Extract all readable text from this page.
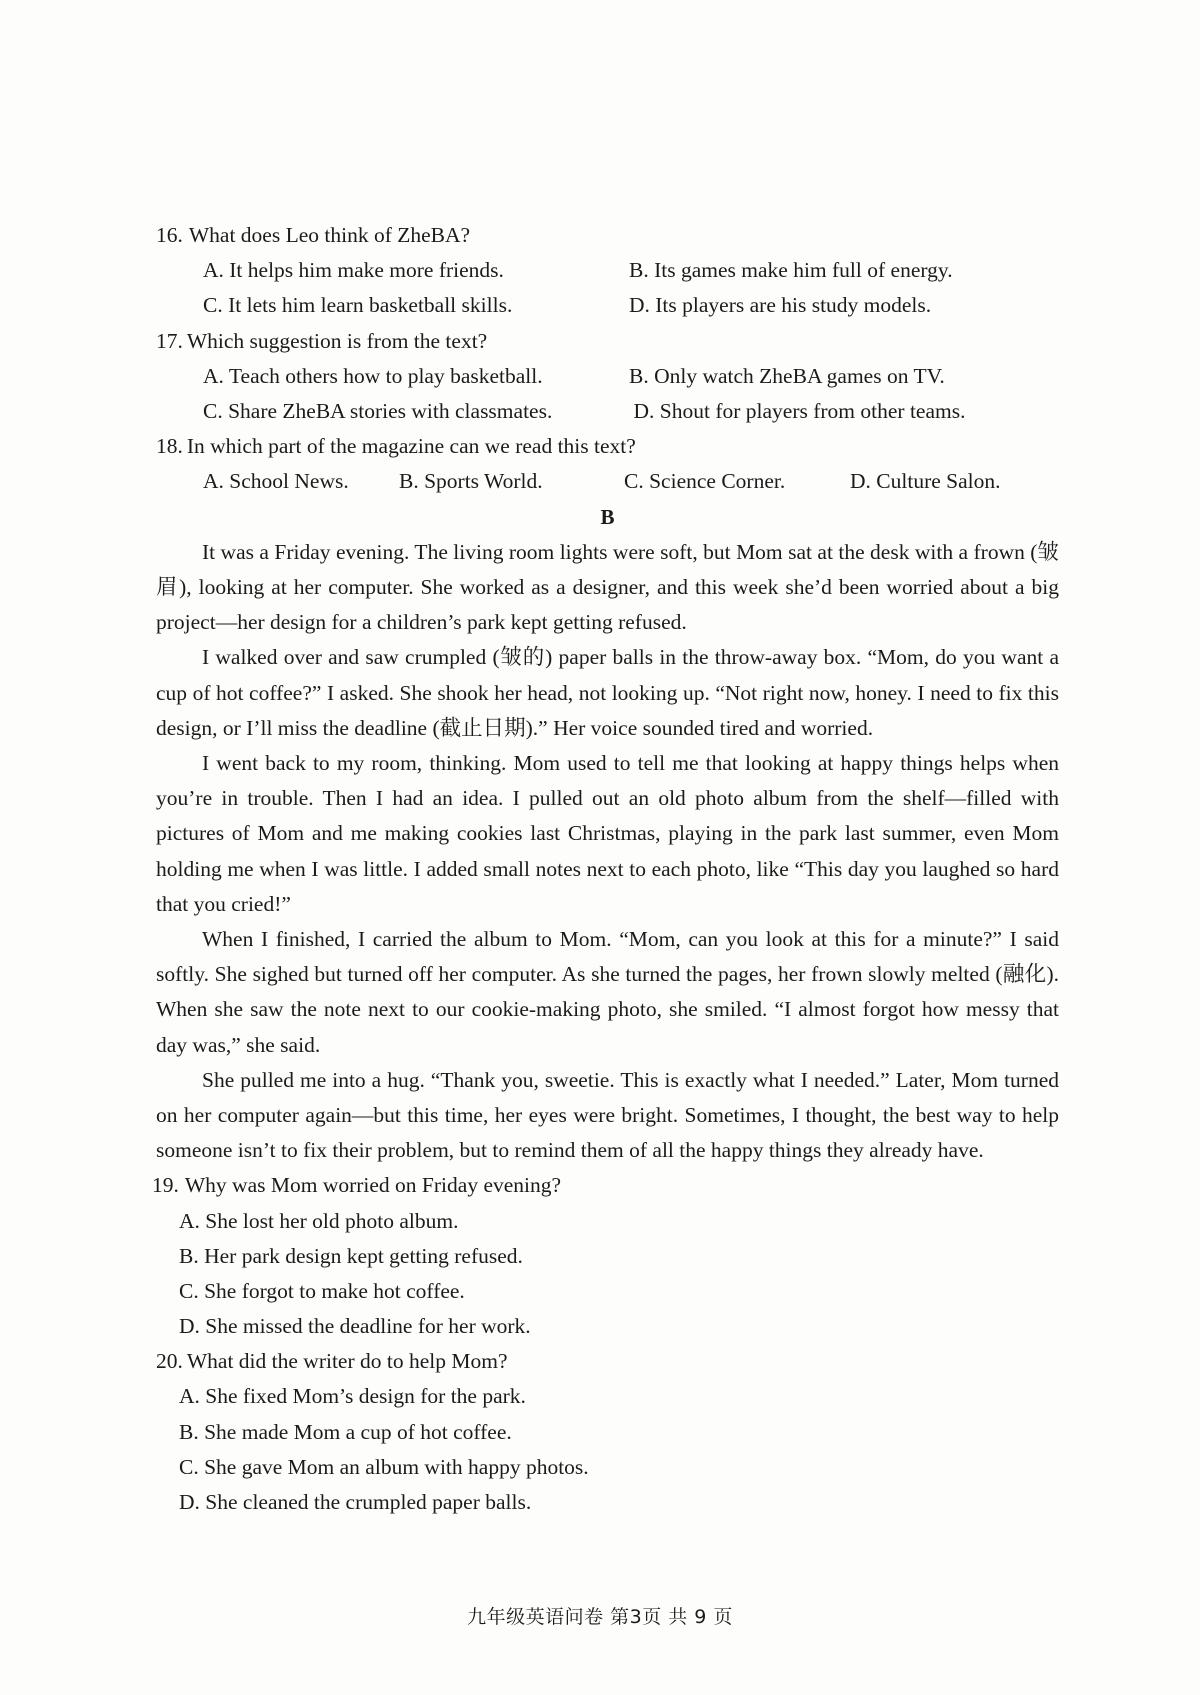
16. What does Leo think of ZheBA?
A. It helps him make more friends.	B. Its games make him full of energy.
C. It lets him learn basketball skills.	D. Its players are his study models.
17. Which suggestion is from the text?
A. Teach others how to play basketball.	B. Only watch ZheBA games on TV.
C. Share ZheBA stories with classmates.	D. Shout for players from other teams.
18. In which part of the magazine can we read this text?
A. School News.	B. Sports World.	C. Science Corner.	D. Culture Salon.
B

It was a Friday evening. The living room lights were soft, but Mom sat at the desk with a frown (皱眉), looking at her computer. She worked as a designer, and this week she’d been worried about a big project—her design for a children’s park kept getting refused.

I walked over and saw crumpled (皱的) paper balls in the throw-away box. “Mom, do you want a cup of hot coffee?” I asked. She shook her head, not looking up. “Not right now, honey. I need to fix this design, or I’ll miss the deadline (截止日期).” Her voice sounded tired and worried.

I went back to my room, thinking. Mom used to tell me that looking at happy things helps when you’re in trouble. Then I had an idea. I pulled out an old photo album from the shelf—filled with pictures of Mom and me making cookies last Christmas, playing in the park last summer, even Mom holding me when I was little. I added small notes next to each photo, like “This day you laughed so hard that you cried!”

When I finished, I carried the album to Mom. “Mom, can you look at this for a minute?” I said softly. She sighed but turned off her computer. As she turned the pages, her frown slowly melted (融化). When she saw the note next to our cookie-making photo, she smiled. “I almost forgot how messy that day was,” she said.

She pulled me into a hug. “Thank you, sweetie. This is exactly what I needed.” Later, Mom turned on her computer again—but this time, her eyes were bright. Sometimes, I thought, the best way to help someone isn’t to fix their problem, but to remind them of all the happy things they already have.

19. Why was Mom worried on Friday evening?
A. She lost her old photo album.
B. Her park design kept getting refused.
C. She forgot to make hot coffee.
D. She missed the deadline for her work.
20. What did the writer do to help Mom?
A. She fixed Mom’s design for the park.
B. She made Mom a cup of hot coffee.
C. She gave Mom an album with happy photos.
D. She cleaned the crumpled paper balls.
九年级英语问卷 第3页 共 9 页
